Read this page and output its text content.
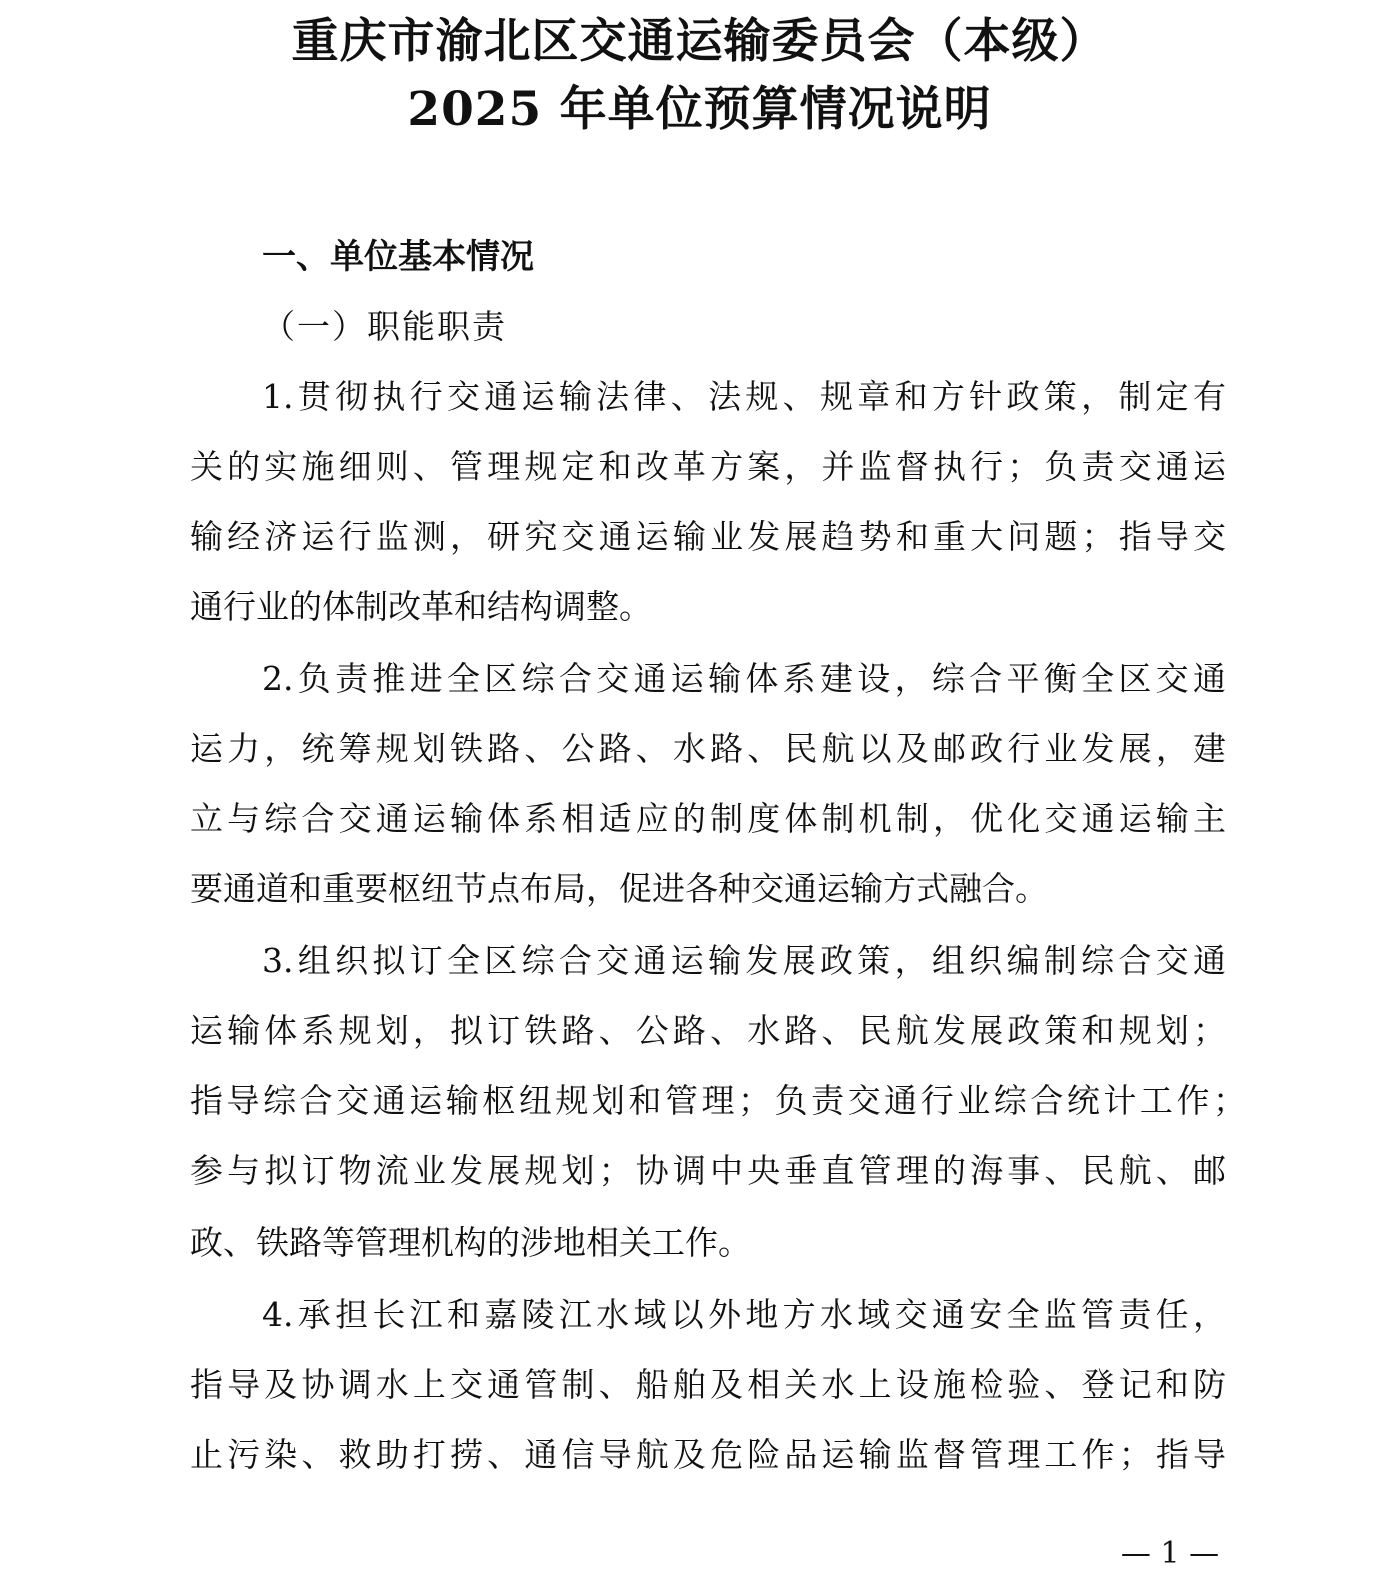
重庆市渝北区交通运输委员会（本级）
2025 年单位预算情况说明
一、单位基本情况
（一）职能职责
1.贯彻执行交通运输法律、法规、规章和方针政策，制定有
关的实施细则、管理规定和改革方案，并监督执行；负责交通运
输经济运行监测，研究交通运输业发展趋势和重大问题；指导交
通行业的体制改革和结构调整。
2.负责推进全区综合交通运输体系建设，综合平衡全区交通
运力，统筹规划铁路、公路、水路、民航以及邮政行业发展，建
立与综合交通运输体系相适应的制度体制机制，优化交通运输主
要通道和重要枢纽节点布局，促进各种交通运输方式融合。
3.组织拟订全区综合交通运输发展政策，组织编制综合交通
运输体系规划，拟订铁路、公路、水路、民航发展政策和规划；
指导综合交通运输枢纽规划和管理；负责交通行业综合统计工作；
参与拟订物流业发展规划；协调中央垂直管理的海事、民航、邮
政、铁路等管理机构的涉地相关工作。
4.承担长江和嘉陵江水域以外地方水域交通安全监管责任，
指导及协调水上交通管制、船舶及相关水上设施检验、登记和防
止污染、救助打捞、通信导航及危险品运输监督管理工作；指导
— 1 —
